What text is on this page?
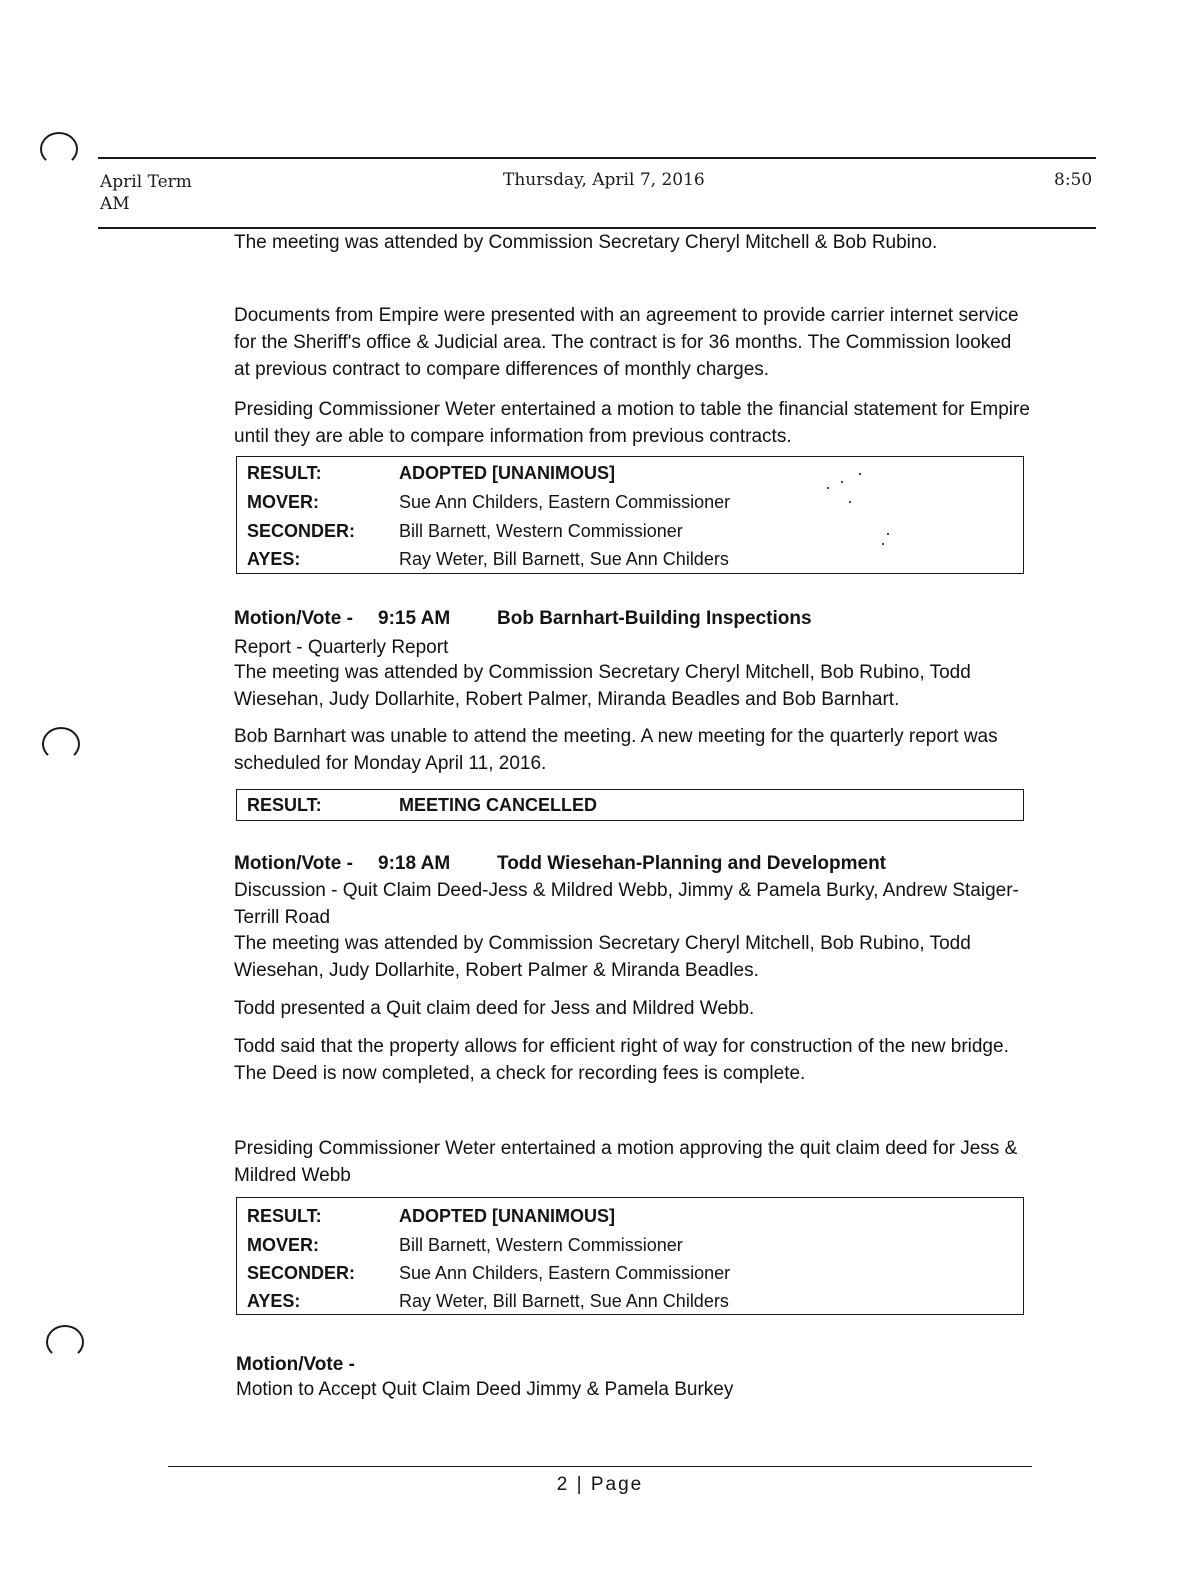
April Term
AM
Thursday, April 7, 2016	8:50

The meeting was attended by Commission Secretary Cheryl Mitchell & Bob Rubino.

Documents from Empire were presented with an agreement to provide carrier internet service for the Sheriff's office & Judicial area. The contract is for 36 months. The Commission looked at previous contract to compare differences of monthly charges.

Presiding Commissioner Weter entertained a motion to table the financial statement for Empire until they are able to compare information from previous contracts.

RESULT:	ADOPTED [UNANIMOUS]
MOVER:	Sue Ann Childers, Eastern Commissioner
SECONDER: Bill Barnett, Western Commissioner
AYES:	Ray Weter, Bill Barnett, Sue Ann Childers
Motion/Vote - 9:15 AM Bob Barnhart-Building Inspections

Report - Quarterly Report

The meeting was attended by Commission Secretary Cheryl Mitchell, Bob Rubino, Todd Wiesehan, Judy Dollarhite, Robert Palmer, Miranda Beadles and Bob Barnhart.

Bob Barnhart was unable to attend the meeting. A new meeting for the quarterly report was scheduled for Monday April 11, 2016.

RESULT:	MEETING CANCELLED
Motion/Vote - 9:18 AM Todd Wiesehan-Planning and Development

Discussion - Quit Claim Deed-Jess & Mildred Webb, Jimmy & Pamela Burky, Andrew Staiger-Terrill Road

The meeting was attended by Commission Secretary Cheryl Mitchell, Bob Rubino, Todd Wiesehan, Judy Dollarhite, Robert Palmer & Miranda Beadles.

Todd presented a Quit claim deed for Jess and Mildred Webb.

Todd said that the property allows for efficient right of way for construction of the new bridge. The Deed is now completed, a check for recording fees is complete.

Presiding Commissioner Weter entertained a motion approving the quit claim deed for Jess & Mildred Webb

RESULT:	ADOPTED [UNANIMOUS]
MOVER:	Bill Barnett, Western Commissioner
SECONDER: Sue Ann Childers, Eastern Commissioner
AYES:	Ray Weter, Bill Barnett, Sue Ann Childers
Motion/Vote -

Motion to Accept Quit Claim Deed Jimmy & Pamela Burkey

2 | Page
